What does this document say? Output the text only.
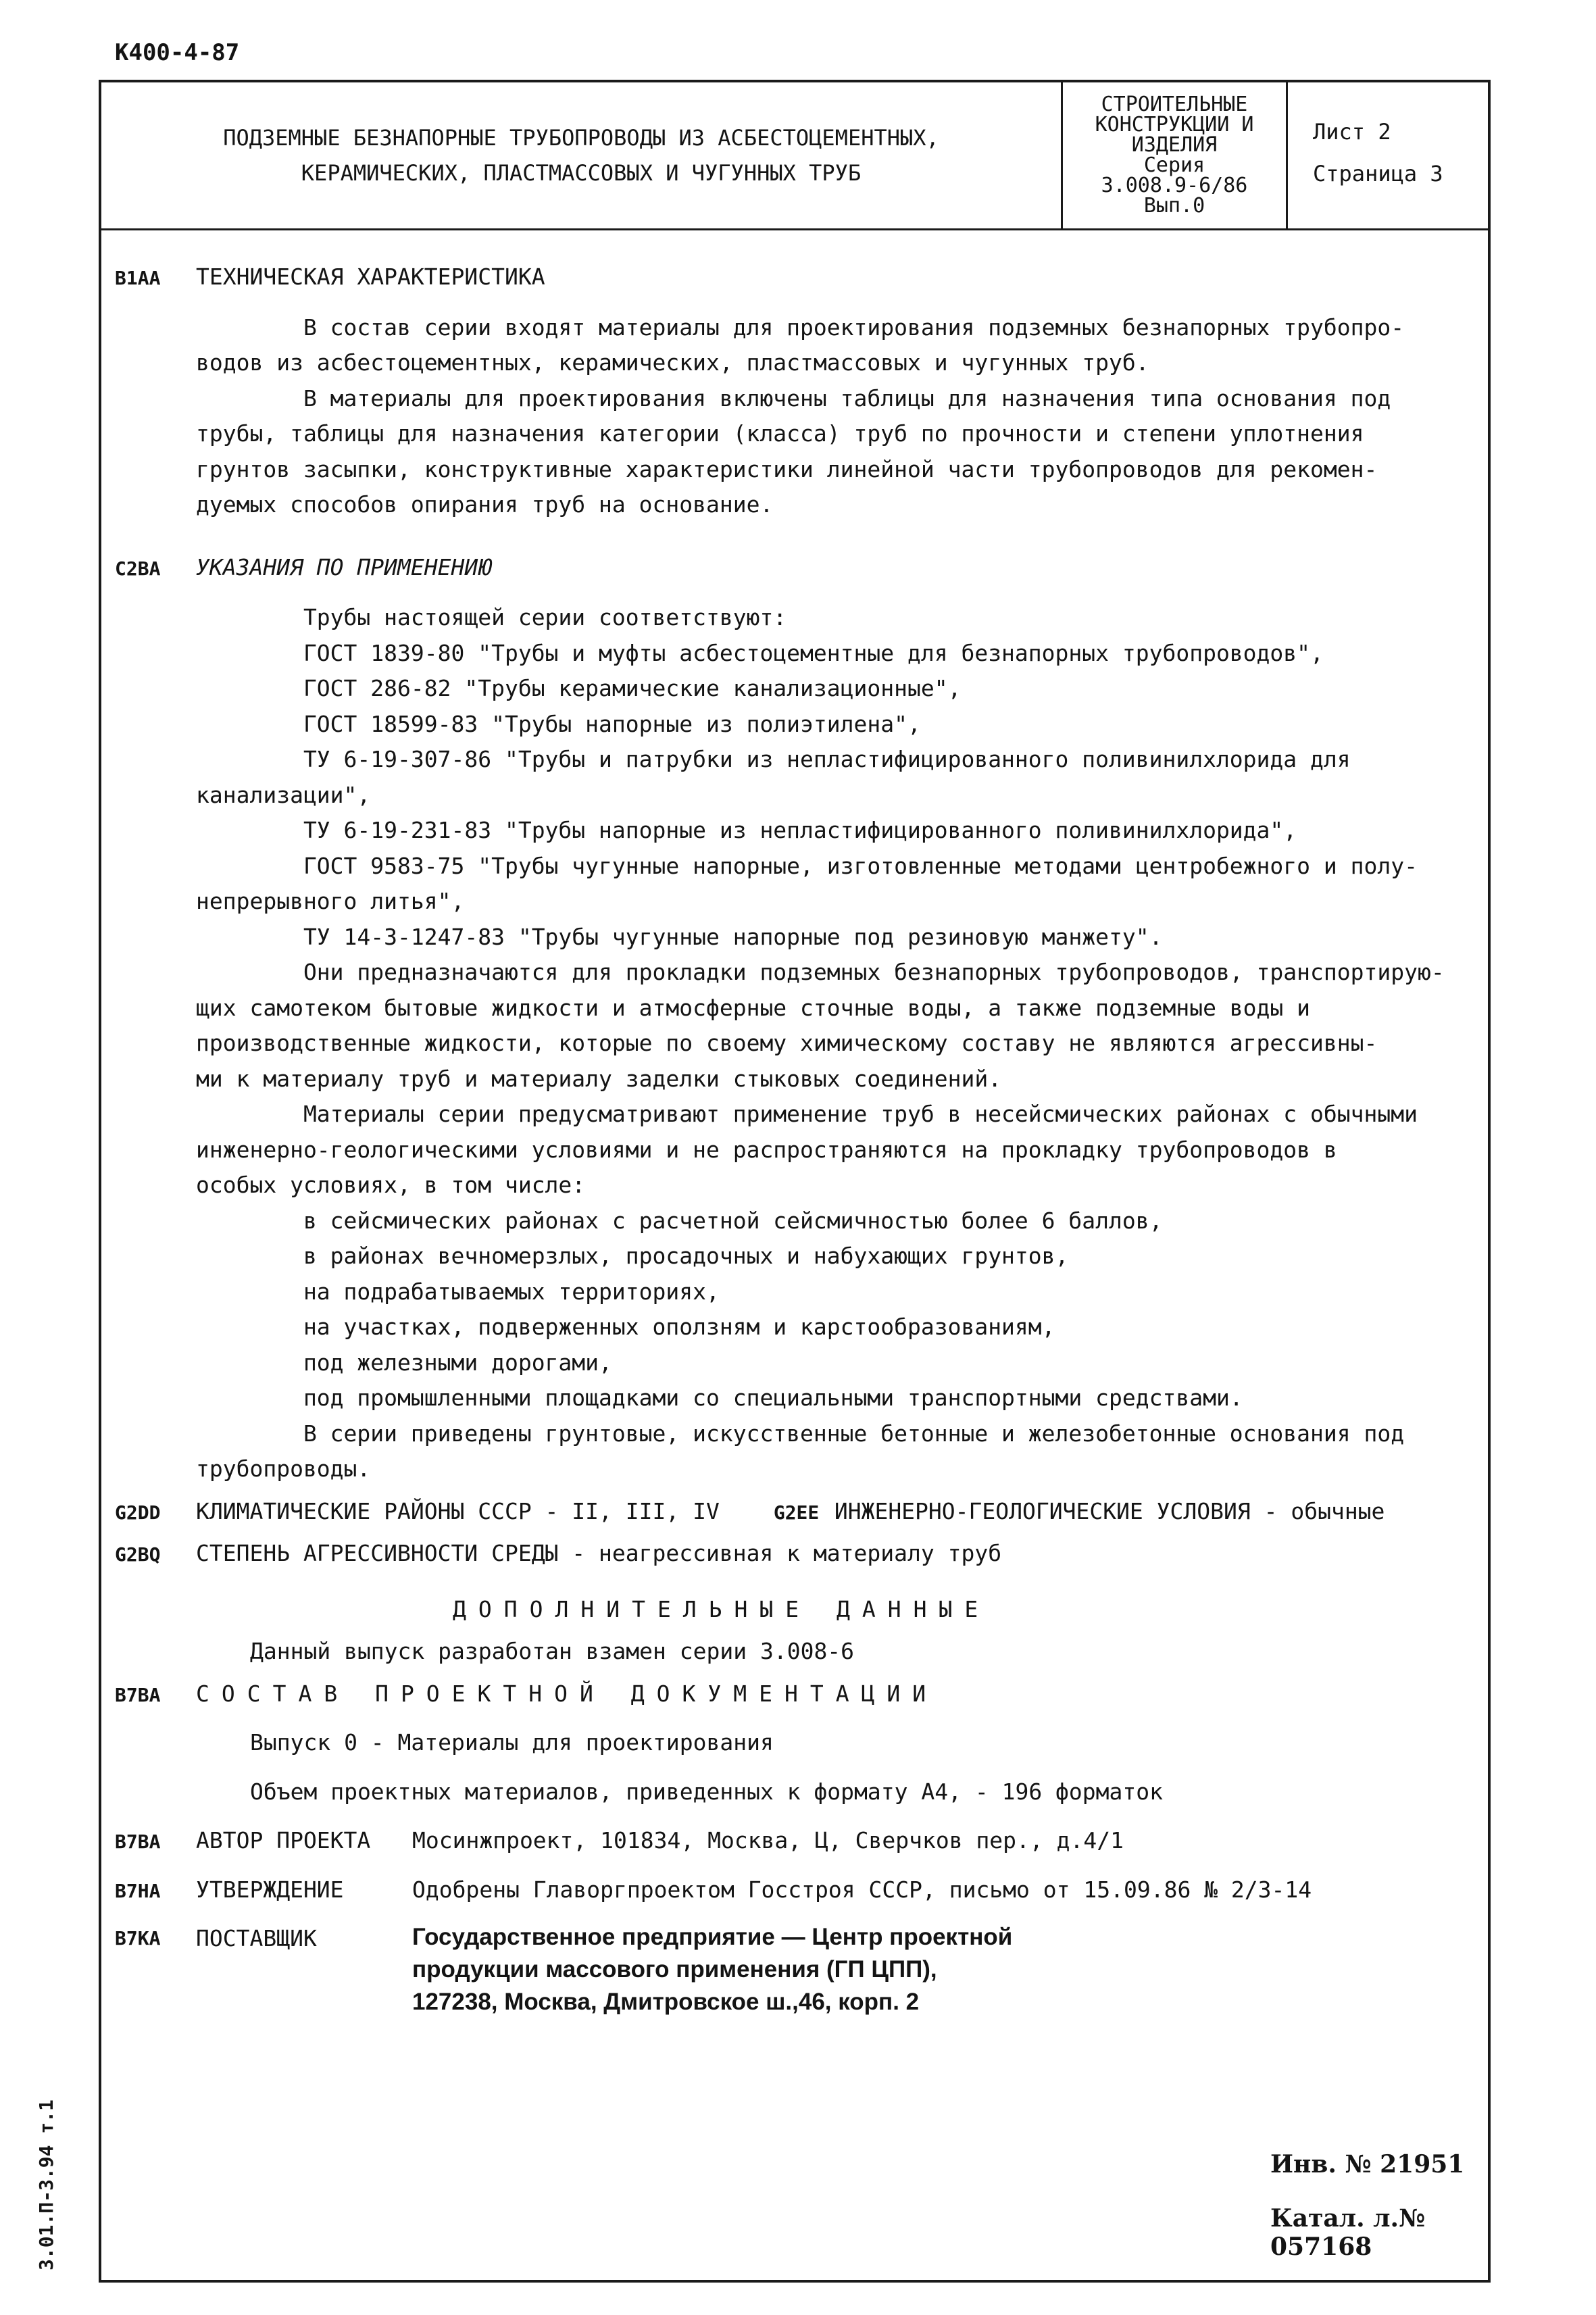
К400-4-87
ПОДЗЕМНЫЕ БЕЗНАПОРНЫЕ ТРУБОПРОВОДЫ ИЗ АСБЕСТОЦЕМЕНТНЫХ,
КЕРАМИЧЕСКИХ, ПЛАСТМАССОВЫХ И ЧУГУННЫХ ТРУБ
СТРОИТЕЛЬНЫЕ
КОНСТРУКЦИИ И
ИЗДЕЛИЯ
Серия
3.008.9-6/86
Вып.0
Лист 2
Страница 3
В1АА ТЕХНИЧЕСКАЯ ХАРАКТЕРИСТИКА
В состав серии входят материалы для проектирования подземных безнапорных трубопро-
водов из асбестоцементных, керамических, пластмассовых и чугунных труб.
В материалы для проектирования включены таблицы для назначения типа основания под
трубы, таблицы для назначения категории (класса) труб по прочности и степени уплотнения
грунтов засыпки, конструктивные характеристики линейной части трубопроводов для рекомен-
дуемых способов опирания труб на основание.
С2ВА УКАЗАНИЯ ПО ПРИМЕНЕНИЮ
Трубы настоящей серии соответствуют:
ГОСТ 1839-80 "Трубы и муфты асбестоцементные для безнапорных трубопроводов",
ГОСТ 286-82 "Трубы керамические канализационные",
ГОСТ 18599-83 "Трубы напорные из полиэтилена",
ТУ 6-19-307-86 "Трубы и патрубки из непластифицированного поливинилхлорида для
канализации",
ТУ 6-19-231-83 "Трубы напорные из непластифицированного поливинилхлорида",
ГОСТ 9583-75 "Трубы чугунные напорные, изготовленные методами центробежного и полу-
непрерывного литья",
ТУ 14-3-1247-83 "Трубы чугунные напорные под резиновую манжету".
Они предназначаются для прокладки подземных безнапорных трубопроводов, транспортирую-
щих самотеком бытовые жидкости и атмосферные сточные воды, а также подземные воды и
производственные жидкости, которые по своему химическому составу не являются агрессивны-
ми к материалу труб и материалу заделки стыковых соединений.
Материалы серии предусматривают применение труб в несейсмических районах с обычными
инженерно-геологическими условиями и не распространяются на прокладку трубопроводов в
особых условиях, в том числе:
в сейсмических районах с расчетной сейсмичностью более 6 баллов,
в районах вечномерзлых, просадочных и набухающих грунтов,
на подрабатываемых территориях,
на участках, подверженных оползням и карстообразованиям,
под железными дорогами,
под промышленными площадками со специальными транспортными средствами.
В серии приведены грунтовые, искусственные бетонные и железобетонные основания под
трубопроводы.
G2DD КЛИМАТИЧЕСКИЕ РАЙОНЫ СССР - II, III, IV	G2EE ИНЖЕНЕРНО-ГЕОЛОГИЧЕСКИЕ УСЛОВИЯ - обычные
G2BQ СТЕПЕНЬ АГРЕССИВНОСТИ СРЕДЫ - неагрессивная к материалу труб
ДОПОЛНИТЕЛЬНЫЕ ДАННЫЕ
Данный выпуск разработан взамен серии 3.008-6
В7ВА СОСТАВ ПРОЕКТНОЙ ДОКУМЕНТАЦИИ
Выпуск 0 - Материалы для проектирования
Объем проектных материалов, приведенных к формату А4, - 196 форматок
В7ВА АВТОР ПРОЕКТА Мосинжпроект, 101834, Москва, Ц, Сверчков пер., д.4/1
В7НА УТВЕРЖДЕНИЕ	Одобрены Главоргпроектом Госстроя СССР, письмо от 15.09.86 № 2/3-14
В7КА ПОСТАВЩИК	Государственное предприятие — Центр проектной
продукции массового применения (ГП ЦПП),
127238, Москва, Дмитровское ш.,46, корп. 2
Инв. № 21951
Катал. л.№ 057168
3.01.П-3.94 т.1
